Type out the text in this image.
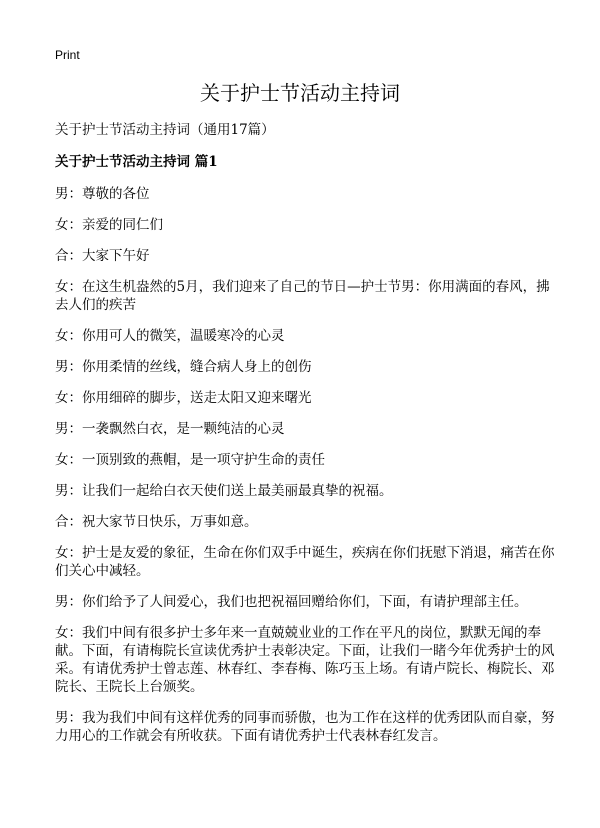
Print
关于护士节活动主持词

关于护士节活动主持词（通用17篇）

关于护士节活动主持词 篇1

男：尊敬的各位

女：亲爱的同仁们

合：大家下午好

女：在这生机盎然的5月，我们迎来了自己的节日—护士节男：你用满面的春风，拂去人们的疾苦

女：你用可人的微笑，温暖寒冷的心灵

男：你用柔情的丝线，缝合病人身上的创伤

女：你用细碎的脚步，送走太阳又迎来曙光

男：一袭飘然白衣，是一颗纯洁的心灵

女：一顶别致的燕帽，是一项守护生命的责任

男：让我们一起给白衣天使们送上最美丽最真挚的祝福。

合：祝大家节日快乐，万事如意。

女：护士是友爱的象征，生命在你们双手中诞生，疾病在你们抚慰下消退，痛苦在你们关心中减轻。

男：你们给予了人间爱心，我们也把祝福回赠给你们，下面，有请护理部主任。

女：我们中间有很多护士多年来一直兢兢业业的工作在平凡的岗位，默默无闻的奉献。下面，有请梅院长宣读优秀护士表彰决定。下面，让我们一睹今年优秀护士的风采。有请优秀护士曾志莲、林春红、李春梅、陈巧玉上场。有请卢院长、梅院长、邓院长、王院长上台颁奖。

男：我为我们中间有这样优秀的同事而骄傲，也为工作在这样的优秀团队而自豪，努力用心的工作就会有所收获。下面有请优秀护士代表林春红发言。
